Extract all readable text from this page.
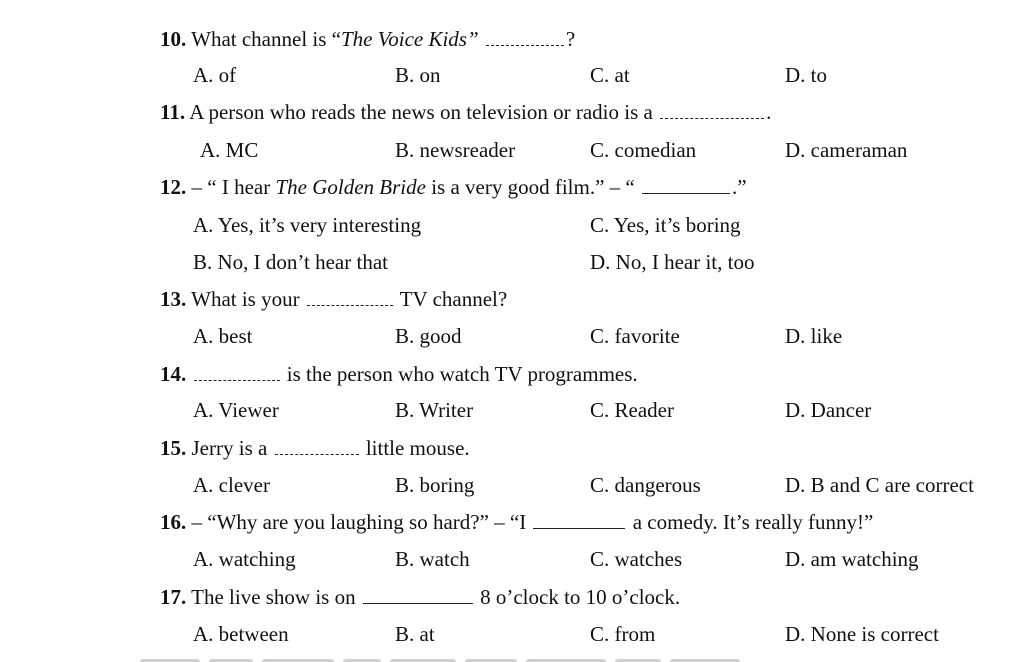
10. What channel is “The Voice Kids”	?
A. of	B. on	C. at	D. to
11. A person who reads the news on television or radio is a	.
A. MC	B. newsreader	C. comedian	D. cameraman
12. – “ I hear The Golden Bride is a very good film.” – “	.”
A. Yes, it’s very interesting	C. Yes, it’s boring
B. No, I don’t hear that	D. No, I hear it, too
13. What is your	TV channel?
A. best	B. good	C. favorite	D. like
14.	is the person who watch TV programmes.
A. Viewer	B. Writer	C. Reader	D. Dancer
15. Jerry is a	little mouse.
A. clever	B. boring	C. dangerous	D. B and C are correct
16. – “Why are you laughing so hard?” – “I	a comedy. It’s really funny!”
A. watching	B. watch	C. watches	D. am watching
17. The live show is on	8 o’clock to 10 o’clock.
A. between	B. at	C. from	D. None is correct
